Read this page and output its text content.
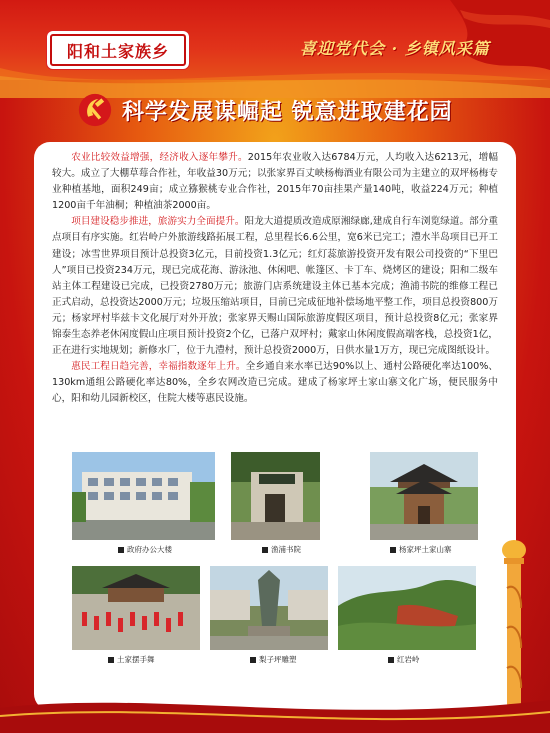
阳和土家族乡	喜迎党代会 · 乡镇风采篇
科学发展谋崛起 锐意进取建花园

农业比较效益增强，经济收入逐年攀升。2015年农业收入达6784万元，人均收入达6213元，增幅较大。成立了大棚草莓合作社，年收益30万元；以张家界百丈峡杨梅酒业有限公司为主建立的双坪杨梅专业种植基地，面积249亩；成立猕猴桃专业合作社，2015年70亩挂果产量140吨，收益224万元；种植1200亩千年油桐；种植油茶2000亩。

项目建设稳步推进，旅游实力全面提升。阳龙大道提质改造成原湘绿廊,建成自行车浏览绿道。部分重点项目有序实施。红岩岭户外旅游线路拓展工程，总里程长6.6公里，宽6米已完工；澧水半岛项目已开工建设；冰雪世界项目预计总投资3亿元，目前投资1.3亿元；红灯蕊旅游投资开发有限公司投资的“下里巴人”项目已投资234万元，现已完成花海、游泳池、休闲吧、帐篷区、卡丁车、烧烤区的建设；阳和二级车站主体工程建设已完成，已投资2780万元；旅游门店系统建设主体已基本完成；渔浦书院的维修工程已正式启动，总投资达2000万元；垃圾压缩站项目，目前已完成征地补偿场地平整工作，项目总投资800万元；杨家坪村毕兹卡文化展厅对外开放；张家界天赐山国际旅游度假区项目，预计总投资8亿元；张家界锦泰生态养老休闲度假山庄项目预计投资2个亿，已落户双坪村；戴家山休闲度假高端客栈，总投资1亿，正在进行实地规划；新修水厂，位于九澧村，预计总投资2000万，日供水量1万方，现已完成图纸设计。

惠民工程日趋完善，幸福指数逐年上升。全乡通自来水率已达90%以上、通村公路硬化率达100%、130km通组公路硬化率达80%，全乡农网改造已完成。建成了杨家坪土家山寨文化广场，便民服务中心，阳和幼儿园新校区，住院大楼等惠民设施。

政府办公大楼	渔浦书院	杨家坪土家山寨
土家摆手舞	梨子坪雕塑	红岩岭
